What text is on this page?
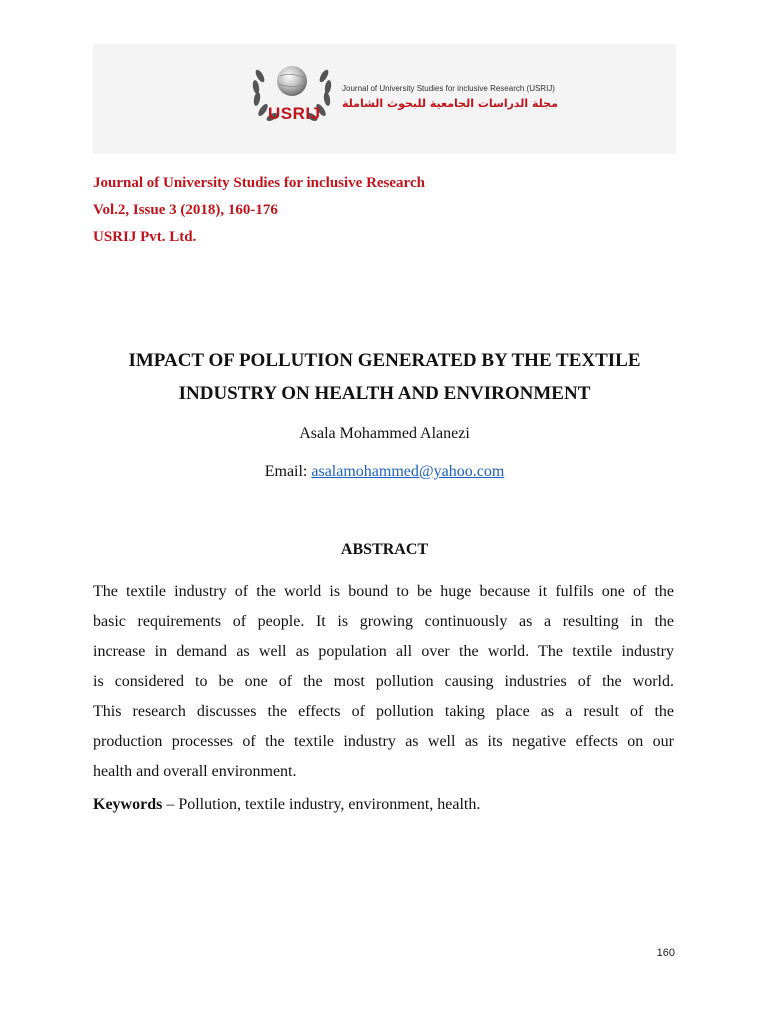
Journal of University Studies for inclusive Research (USRIJ)
مجلة الدراسات الجامعية للبحوث الشاملة
USRIJ
Journal of University Studies for inclusive Research
Vol.2, Issue 3 (2018), 160-176
USRIJ Pvt. Ltd.
IMPACT OF POLLUTION GENERATED BY THE TEXTILE
INDUSTRY ON HEALTH AND ENVIRONMENT
Asala Mohammed Alanezi
Email: asalamohammed@yahoo.com
ABSTRACT
The textile industry of the world is bound to be huge because it fulfils one of the
basic requirements of people. It is growing continuously as a resulting in the
increase in demand as well as population all over the world. The textile industry
is considered to be one of the most pollution causing industries of the world.
This research discusses the effects of pollution taking place as a result of the
production processes of the textile industry as well as its negative effects on our
health and overall environment.
Keywords – Pollution, textile industry, environment, health.
160
